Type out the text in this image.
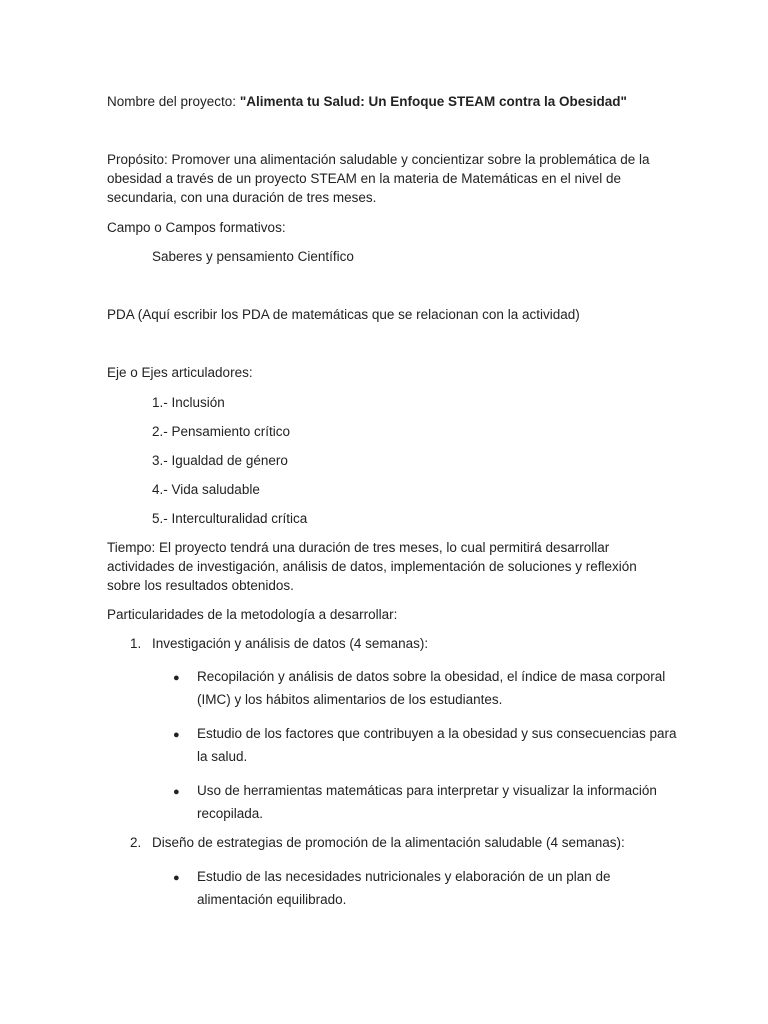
Nombre del proyecto: "Alimenta tu Salud: Un Enfoque STEAM contra la Obesidad"

Propósito: Promover una alimentación saludable y concientizar sobre la problemática de la obesidad a través de un proyecto STEAM en la materia de Matemáticas en el nivel de secundaria, con una duración de tres meses.

Campo o Campos formativos:

Saberes y pensamiento Científico

PDA (Aquí escribir los PDA de matemáticas que se relacionan con la actividad)

Eje o Ejes articuladores:

1.- Inclusión

2.- Pensamiento crítico

3.- Igualdad de género

4.- Vida saludable

5.- Interculturalidad crítica

Tiempo: El proyecto tendrá una duración de tres meses, lo cual permitirá desarrollar actividades de investigación, análisis de datos, implementación de soluciones y reflexión sobre los resultados obtenidos.

Particularidades de la metodología a desarrollar:

1. Investigación y análisis de datos (4 semanas):
● Recopilación y análisis de datos sobre la obesidad, el índice de masa corporal (IMC) y los hábitos alimentarios de los estudiantes.
● Estudio de los factores que contribuyen a la obesidad y sus consecuencias para la salud.
● Uso de herramientas matemáticas para interpretar y visualizar la información recopilada.
2. Diseño de estrategias de promoción de la alimentación saludable (4 semanas):
● Estudio de las necesidades nutricionales y elaboración de un plan de alimentación equilibrado.
